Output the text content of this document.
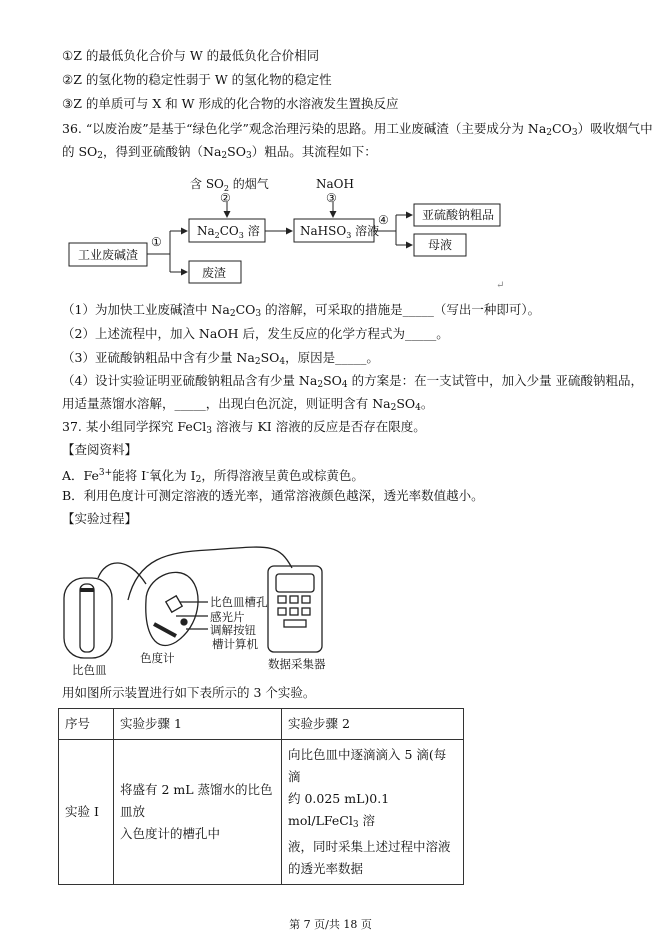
①Z 的最低负化合价与 W 的最低负化合价相同
②Z 的氢化物的稳定性弱于 W 的氢化物的稳定性
③Z 的单质可与 X 和 W 形成的化合物的水溶液发生置换反应
36. “以废治废”是基于“绿色化学”观念治理污染的思路。用工业废碱渣（主要成分为 $Na_2CO_3$）吸收烟气中
的 $SO_2$，得到亚硫酸钠$(Na_2SO_3)$粗品。其流程如下：
工业废碱渣
①
$Na_2CO_3$ 溶
废渣
含 $SO_2$ 的烟气
②
NaOH
③
NaHSO$_3$ 溶液
④	亚硫酸钠粗品
母液
↵
（1）为加快工业废碱渣中 $Na_2CO_3$ 的溶解，可采取的措施是_____（写出一种即可）。
（2）上述流程中，加入 NaOH 后，发生反应的化学方程式为_____。
（3）亚硫酸钠粗品中含有少量 $Na_2SO_4$，原因是_____。
（4）设计实验证明亚硫酸钠粗品含有少量 $Na_2SO_4$ 的方案是：在一支试管中，加入少量 亚硫酸钠粗品，
用适量蒸馏水溶解，_____，出现白色沉淀，则证明含有 $Na_2SO_4$。
37. 某小组同学探究 FeCl$_3$ 溶液与 KI 溶液的反应是否存在限度。
【查阅资料】
A．$Fe^{3+}$能将 I-氧化为 $I_2$，所得溶液呈黄色或棕黄色。
B．利用色度计可测定溶液的透光率，通常溶液颜色越深，透光率数值越小。
【实验过程】
比色皿槽孔
感光片
调解按钮
槽计算机
比色皿
色度计	数据采集器
用如图所示装置进行如下表所示的 3 个实验。
序号	实验步骤 1	实验步骤 2
实验 I	将盛有 2 mL 蒸馏水的比色皿放
入色度计的槽孔中	向比色皿中逐滴滴入 5 滴(每滴
约 0.025 mL)0.1 mol/LFeCl$_3$ 溶
液，同时采集上述过程中溶液
的透光率数据
第 7 页/共 18 页
